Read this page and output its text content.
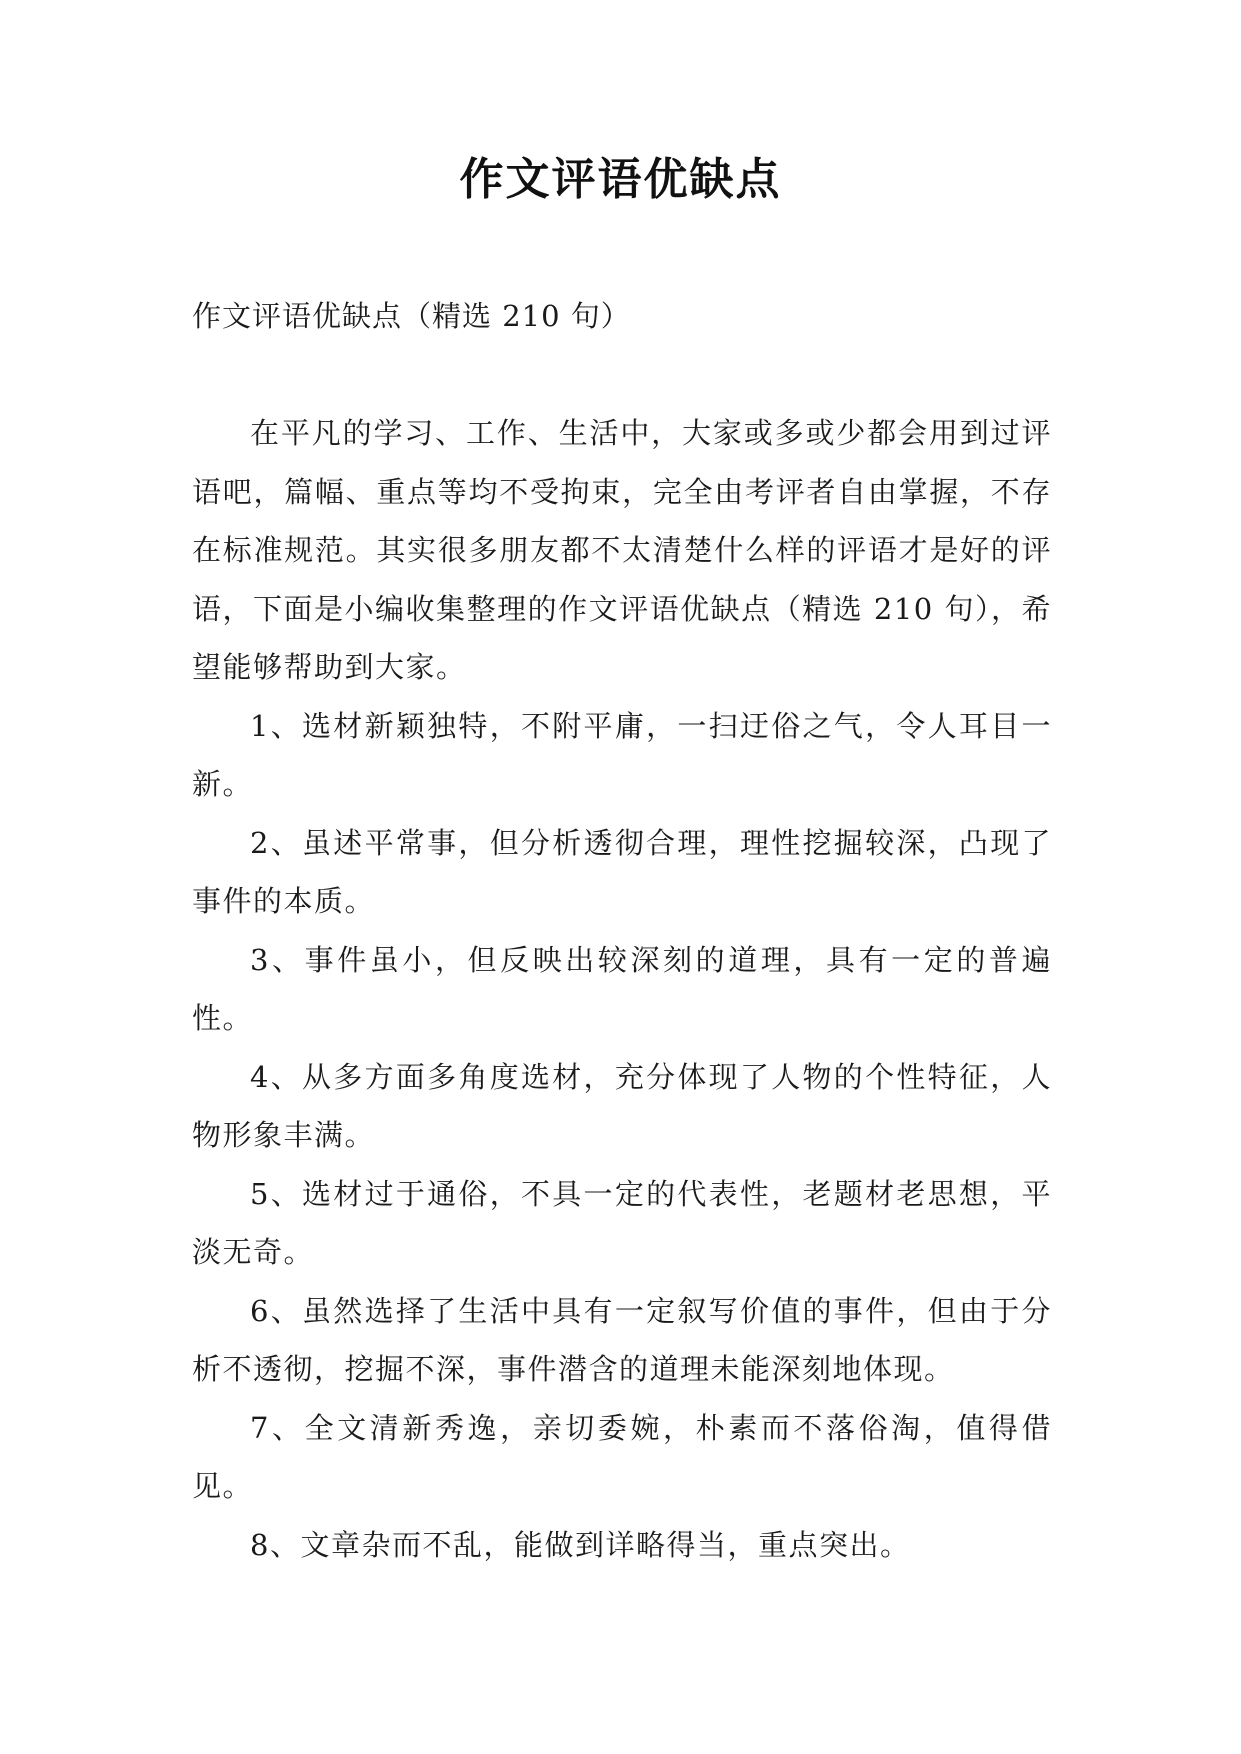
作文评语优缺点
作文评语优缺点（精选 210 句）

在平凡的学习、工作、生活中，大家或多或少都会用到过评语吧，篇幅、重点等均不受拘束，完全由考评者自由掌握，不存在标准规范。其实很多朋友都不太清楚什么样的评语才是好的评语，下面是小编收集整理的作文评语优缺点（精选 210 句），希望能够帮助到大家。

1、选材新颖独特，不附平庸，一扫迂俗之气，令人耳目一新。

2、虽述平常事，但分析透彻合理，理性挖掘较深，凸现了事件的本质。

3、事件虽小，但反映出较深刻的道理，具有一定的普遍性。

4、从多方面多角度选材，充分体现了人物的个性特征，人物形象丰满。

5、选材过于通俗，不具一定的代表性，老题材老思想，平淡无奇。

6、虽然选择了生活中具有一定叙写价值的事件，但由于分析不透彻，挖掘不深，事件潜含的道理未能深刻地体现。

7、全文清新秀逸，亲切委婉，朴素而不落俗淘，值得借见。

8、文章杂而不乱，能做到详略得当，重点突出。
